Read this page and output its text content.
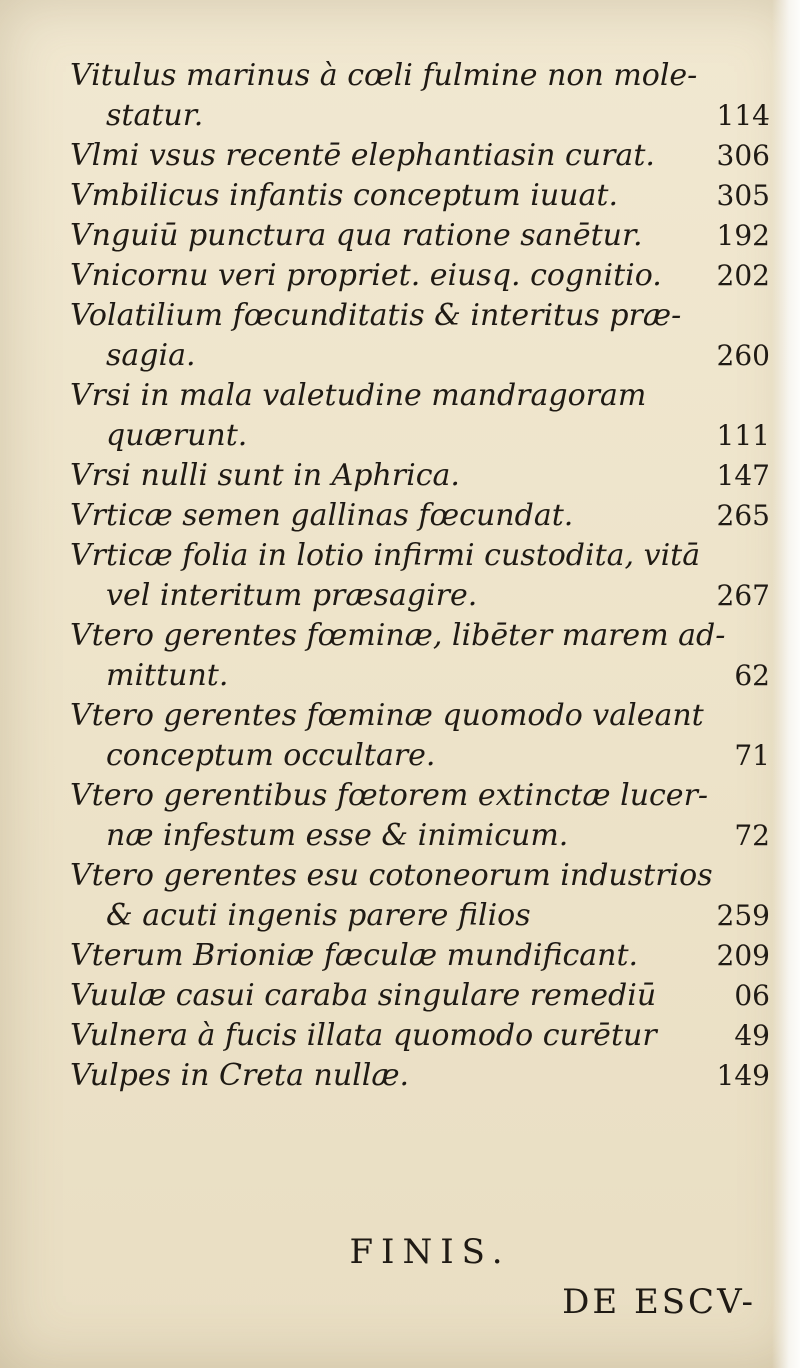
Vitulus marinus à cœli fulmine non mole-
statur.	114
Vlmi vsus recentē elephantiasin curat.	306
Vmbilicus infantis conceptum iuuat.	305
Vnguiū punctura qua ratione sanētur.	192
Vnicornu veri propriet. eiusq. cognitio.	202
Volatilium fœcunditatis & interitus præ-
sagia.	260
Vrsi in mala valetudine mandragoram
quærunt.	111
Vrsi nulli sunt in Aphrica.	147
Vrticæ semen gallinas fœcundat.	265
Vrticæ folia in lotio infirmi custodita, vitā
vel interitum præsagire.	267
Vtero gerentes fœminæ, libēter marem ad-
mittunt.	62
Vtero gerentes fœminæ quomodo valeant
conceptum occultare.	71
Vtero gerentibus fœtorem extinctæ lucer-
næ infestum esse & inimicum.	72
Vtero gerentes esu cotoneorum industrios
& acuti ingenis parere filios	259
Vterum Brioniæ fæculæ mundificant.	209
Vuulæ casui caraba singulare remediū	06
Vulnera à fucis illata quomodo curētur	49
Vulpes in Creta nullæ.	149
FINIS.
DE ESCV-
